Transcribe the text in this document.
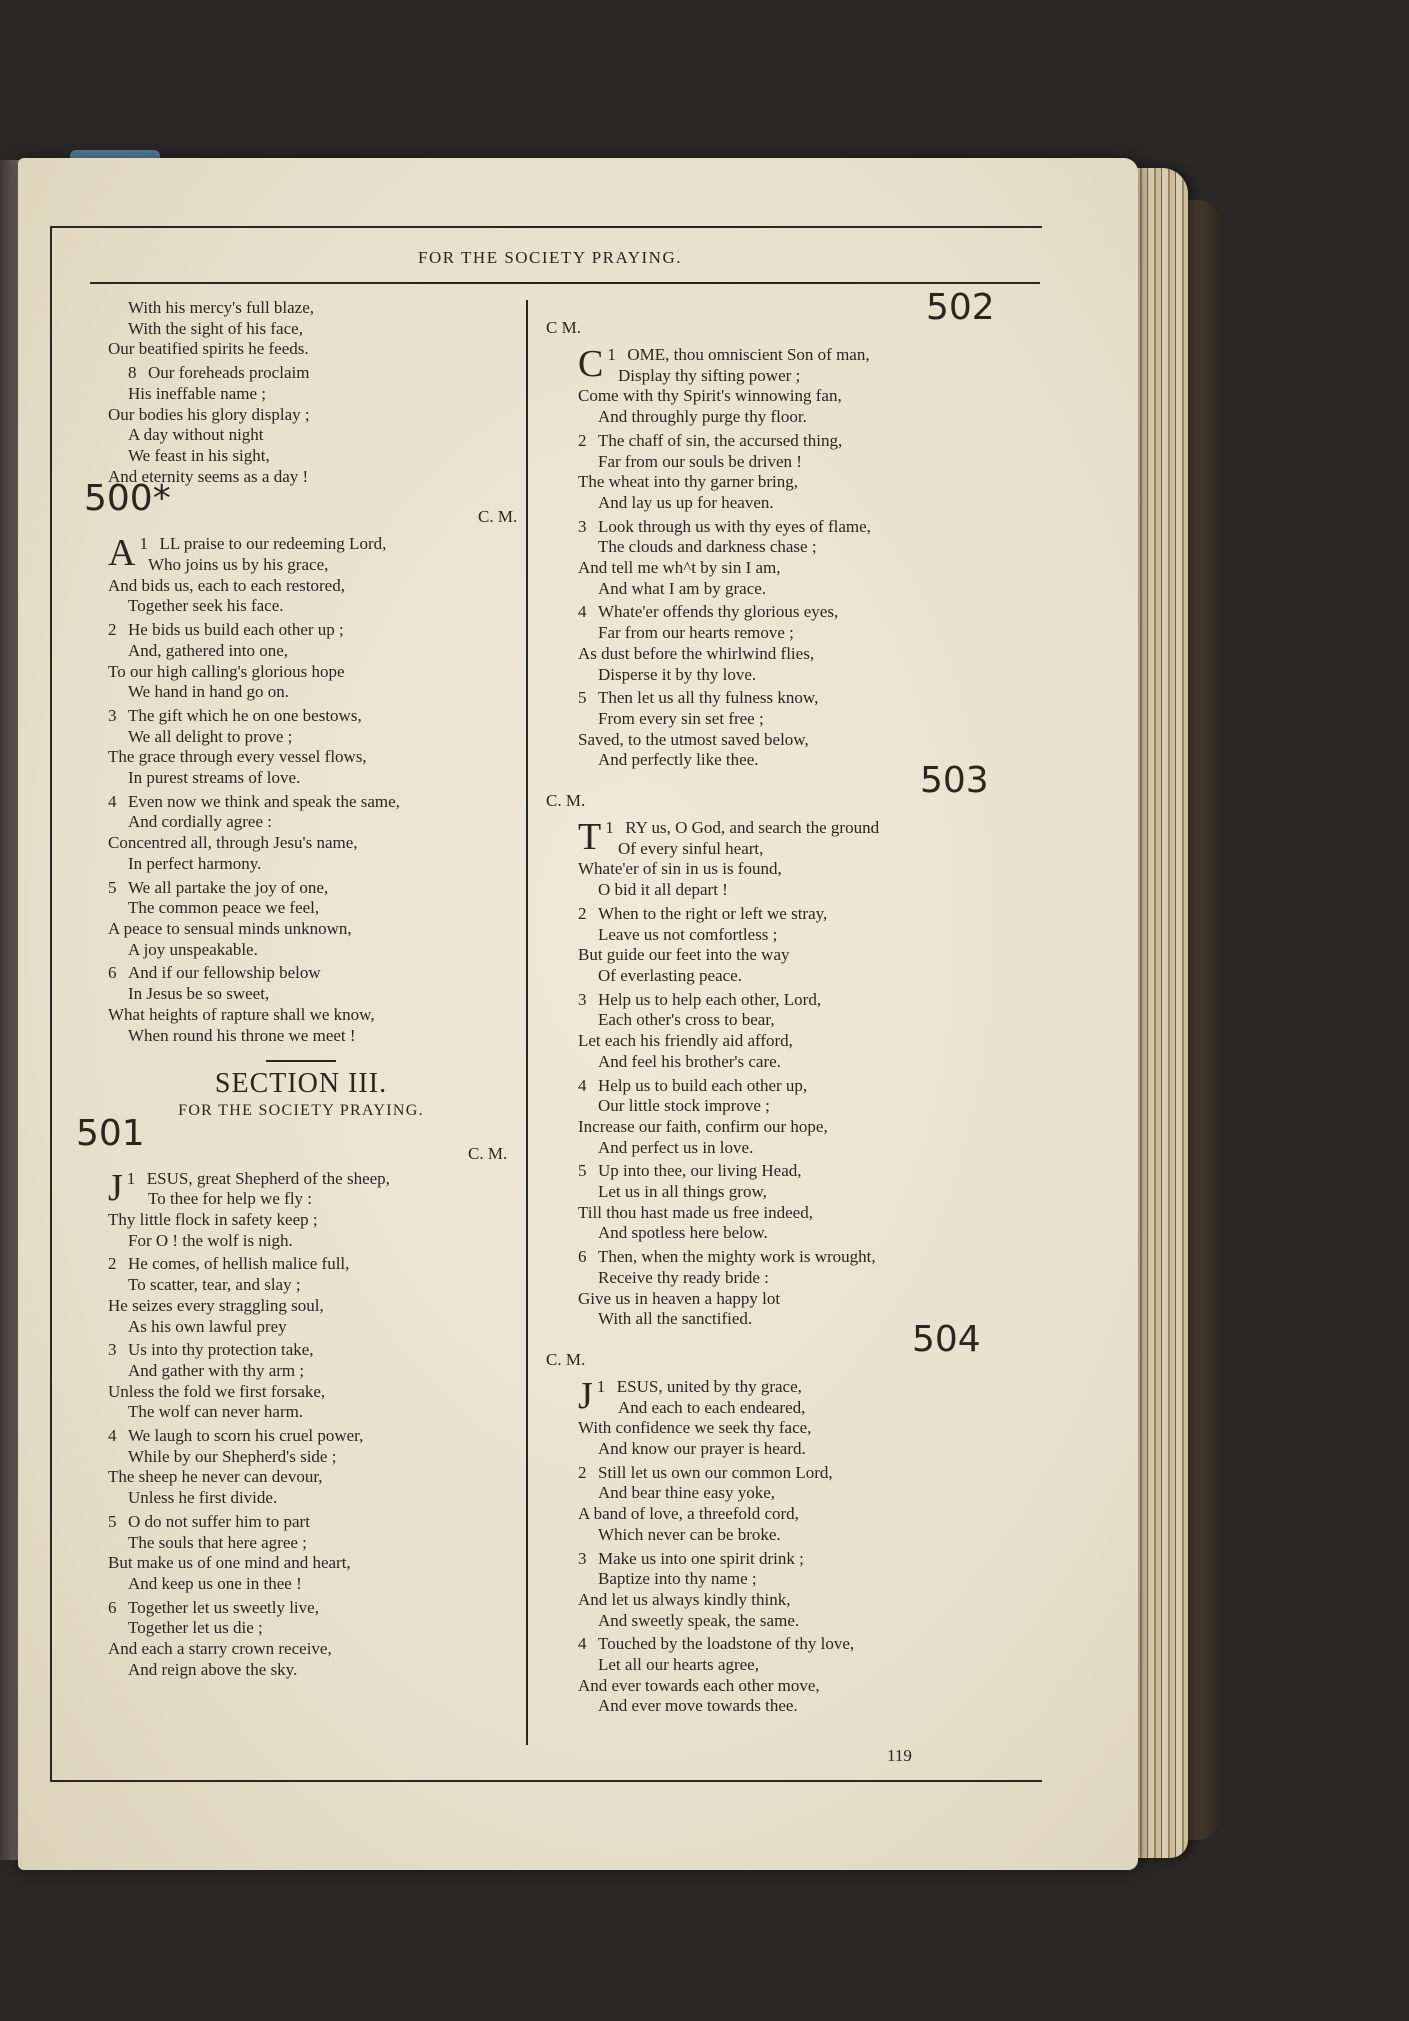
FOR THE SOCIETY PRAYING.
With his mercy's full blaze,
With the sight of his face,
Our beatified spirits he feeds.
8 Our foreheads proclaim
His ineffable name ;
Our bodies his glory display ;
A day without night
We feast in his sight,
And eternity seems as a day !
500*	C. M.
1
A LL praise to our redeeming Lord,
Who joins us by his grace,
And bids us, each to each restored,
Together seek his face.
2 He bids us build each other up ;
And, gathered into one,
To our high calling's glorious hope
We hand in hand go on.
3 The gift which he on one bestows,
We all delight to prove ;
The grace through every vessel flows,
In purest streams of love.
4 Even now we think and speak the same,
And cordially agree :
Concentred all, through Jesu's name,
In perfect harmony.
5 We all partake the joy of one,
The common peace we feel,
A peace to sensual minds unknown,
A joy unspeakable.
6 And if our fellowship below
In Jesus be so sweet,
What heights of rapture shall we know,
When round his throne we meet !
SECTION III.
FOR THE SOCIETY PRAYING.
501	C. M.
1
J ESUS, great Shepherd of the sheep,
To thee for help we fly :
Thy little flock in safety keep ;
For O ! the wolf is nigh.
2 He comes, of hellish malice full,
To scatter, tear, and slay ;
He seizes every straggling soul,
As his own lawful prey
3 Us into thy protection take,
And gather with thy arm ;
Unless the fold we first forsake,
The wolf can never harm.
4 We laugh to scorn his cruel power,
While by our Shepherd's side ;
The sheep he never can devour,
Unless he first divide.
5 O do not suffer him to part
The souls that here agree ;
But make us of one mind and heart,
And keep us one in thee !
6 Together let us sweetly live,
Together let us die ;
And each a starry crown receive,
And reign above the sky.
C M.	502
1
C OME, thou omniscient Son of man,
Display thy sifting power ;
Come with thy Spirit's winnowing fan,
And throughly purge thy floor.
2 The chaff of sin, the accursed thing,
Far from our souls be driven !
The wheat into thy garner bring,
And lay us up for heaven.
3 Look through us with thy eyes of flame,
The clouds and darkness chase ;
And tell me wh^t by sin I am,
And what I am by grace.
4 Whate'er offends thy glorious eyes,
Far from our hearts remove ;
As dust before the whirlwind flies,
Disperse it by thy love.
5 Then let us all thy fulness know,
From every sin set free ;
Saved, to the utmost saved below,
And perfectly like thee.
C. M.	503
1
T RY us, O God, and search the ground
Of every sinful heart,
Whate'er of sin in us is found,
O bid it all depart !
2 When to the right or left we stray,
Leave us not comfortless ;
But guide our feet into the way
Of everlasting peace.
3 Help us to help each other, Lord,
Each other's cross to bear,
Let each his friendly aid afford,
And feel his brother's care.
4 Help us to build each other up,
Our little stock improve ;
Increase our faith, confirm our hope,
And perfect us in love.
5 Up into thee, our living Head,
Let us in all things grow,
Till thou hast made us free indeed,
And spotless here below.
6 Then, when the mighty work is wrought,
Receive thy ready bride :
Give us in heaven a happy lot
With all the sanctified.
C. M.	504
1
J ESUS, united by thy grace,
And each to each endeared,
With confidence we seek thy face,
And know our prayer is heard.
2 Still let us own our common Lord,
And bear thine easy yoke,
A band of love, a threefold cord,
Which never can be broke.
3 Make us into one spirit drink ;
Baptize into thy name ;
And let us always kindly think,
And sweetly speak, the same.
4 Touched by the loadstone of thy love,
Let all our hearts agree,
And ever towards each other move,
And ever move towards thee.
119
